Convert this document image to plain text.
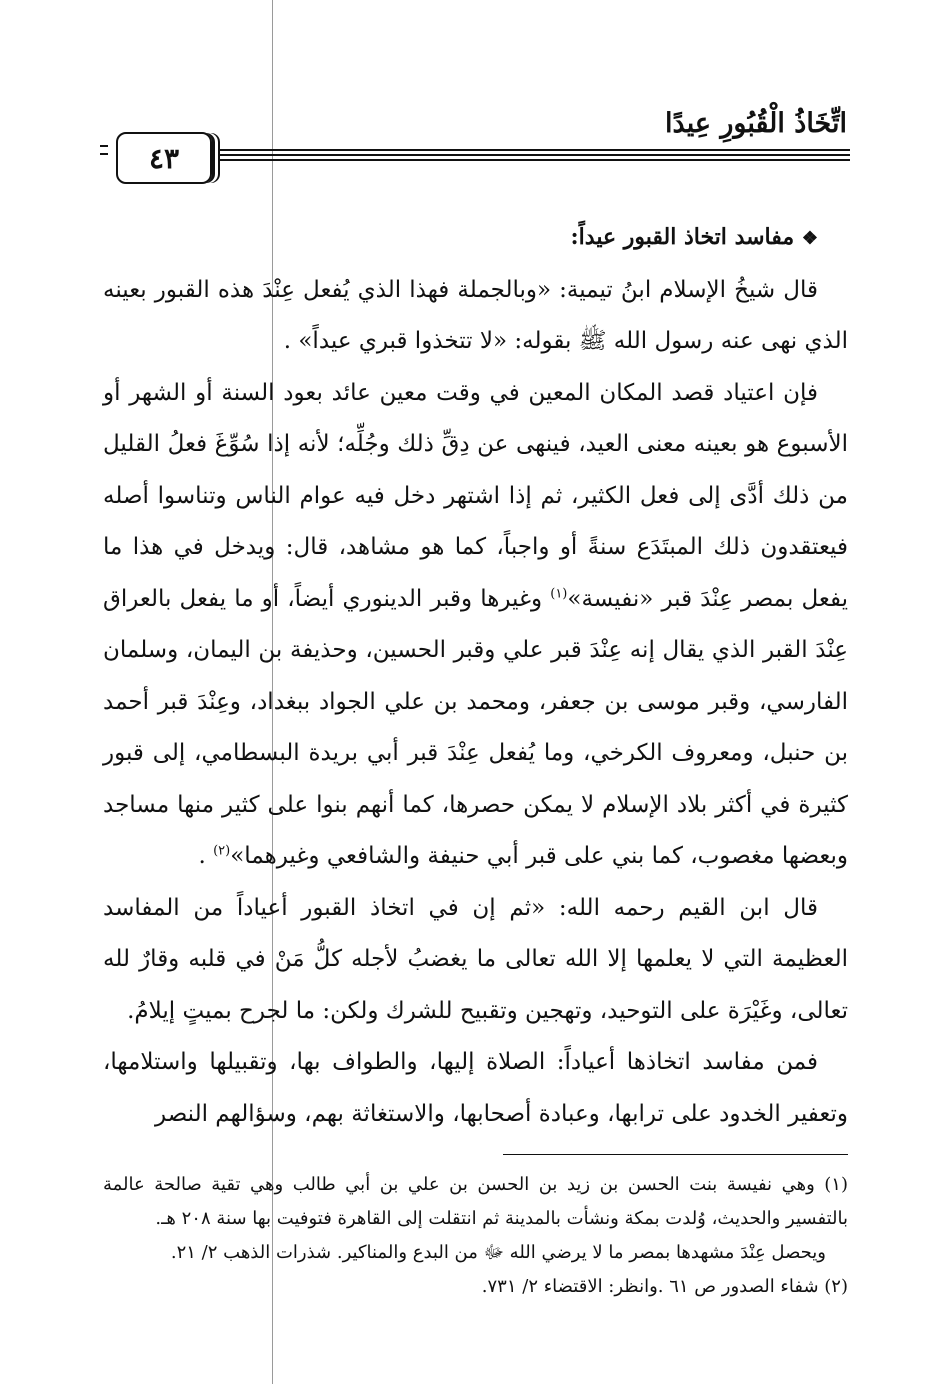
اتِّخَاذُ الْقُبُورِ عِيدًا
٤٣

❖ مفاسد اتخاذ القبور عيداً:

قال شيخُ الإسلام ابنُ تيمية: «وبالجملة فهذا الذي يُفعل عِنْدَ هذه القبور بعينه الذي نهى عنه رسول الله ﷺ بقوله: «لا تتخذوا قبري عيداً» .

فإن اعتياد قصد المكان المعين في وقت معين عائد بعود السنة أو الشهر أو الأسبوع هو بعينه معنى العيد، فينهى عن دِقِّ ذلك وجُلِّه؛ لأنه إذا سُوِّغَ فعلُ القليل من ذلك أدَّى إلى فعل الكثير، ثم إذا اشتهر دخل فيه عوام الناس وتناسوا أصله فيعتقدون ذلك المبتَدَع سنةً أو واجباً، كما هو مشاهد، قال: ويدخل في هذا ما يفعل بمصر عِنْدَ قبر «نفيسة»$^{(١)}$ وغيرها وقبر الدينوري أيضاً، أو ما يفعل بالعراق عِنْدَ القبر الذي يقال إنه عِنْدَ قبر علي وقبر الحسين، وحذيفة بن اليمان، وسلمان الفارسي، وقبر موسى بن جعفر، ومحمد بن علي الجواد ببغداد، وعِنْدَ قبر أحمد بن حنبل، ومعروف الكرخي، وما يُفعل عِنْدَ قبر أبي بريدة البسطامي، إلى قبور كثيرة في أكثر بلاد الإسلام لا يمكن حصرها، كما أنهم بنوا على كثير منها مساجد وبعضها مغصوب، كما بني على قبر أبي حنيفة والشافعي وغيرهما»$^{(٢)}$ .

قال ابن القيم رحمه الله: «ثم إن في اتخاذ القبور أعياداً من المفاسد العظيمة التي لا يعلمها إلا الله تعالى ما يغضبُ لأجله كلُّ مَنْ في قلبه وقارٌ لله تعالى، وغَيْرَة على التوحيد، وتهجين وتقبيح للشرك ولكن: ما لجرح بميتٍ إيلامُ.

فمن مفاسد اتخاذها أعياداً: الصلاة إليها، والطواف بها، وتقبيلها واستلامها، وتعفير الخدود على ترابها، وعبادة أصحابها، والاستغاثة بهم، وسؤالهم النصر

(١) وهي نفيسة بنت الحسن بن زيد بن الحسن بن علي بن أبي طالب وهي تقية صالحة عالمة بالتفسير والحديث، وُلدت بمكة ونشأت بالمدينة ثم انتقلت إلى القاهرة فتوفيت بها سنة ٢٠٨ هـ.

ويحصل عِنْدَ مشهدها بمصر ما لا يرضي الله ﷻ من البدع والمناكير. شذرات الذهب ٢/ ٢١.

(٢) شفاء الصدور ص ٦١ .وانظر: الاقتضاء ٢/ ٧٣١.
